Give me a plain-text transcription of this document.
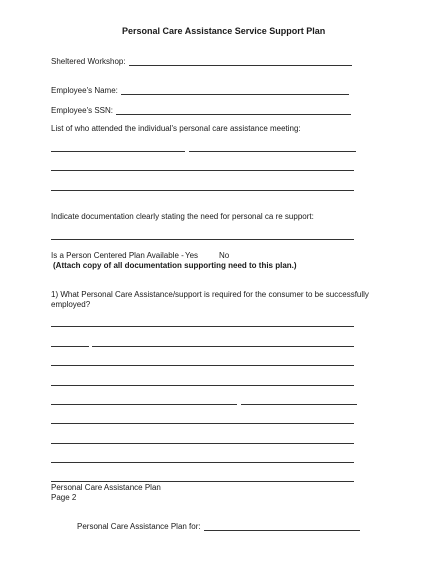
Personal Care Assistance Service Support Plan
Sheltered Workshop:
Employee's Name:
Employee's SSN:
List of who attended the individual's personal care assistance meeting:
Indicate documentation clearly stating the need for personal ca re support:
Is a Person Centered Plan Available - Yes	No
(Attach copy of all documentation supporting need to this plan.)
1) What Personal Care Assistance/support is required for the consumer to be successfully
employed?
Personal Care Assistance Plan
Page 2
Personal Care Assistance Plan for:
